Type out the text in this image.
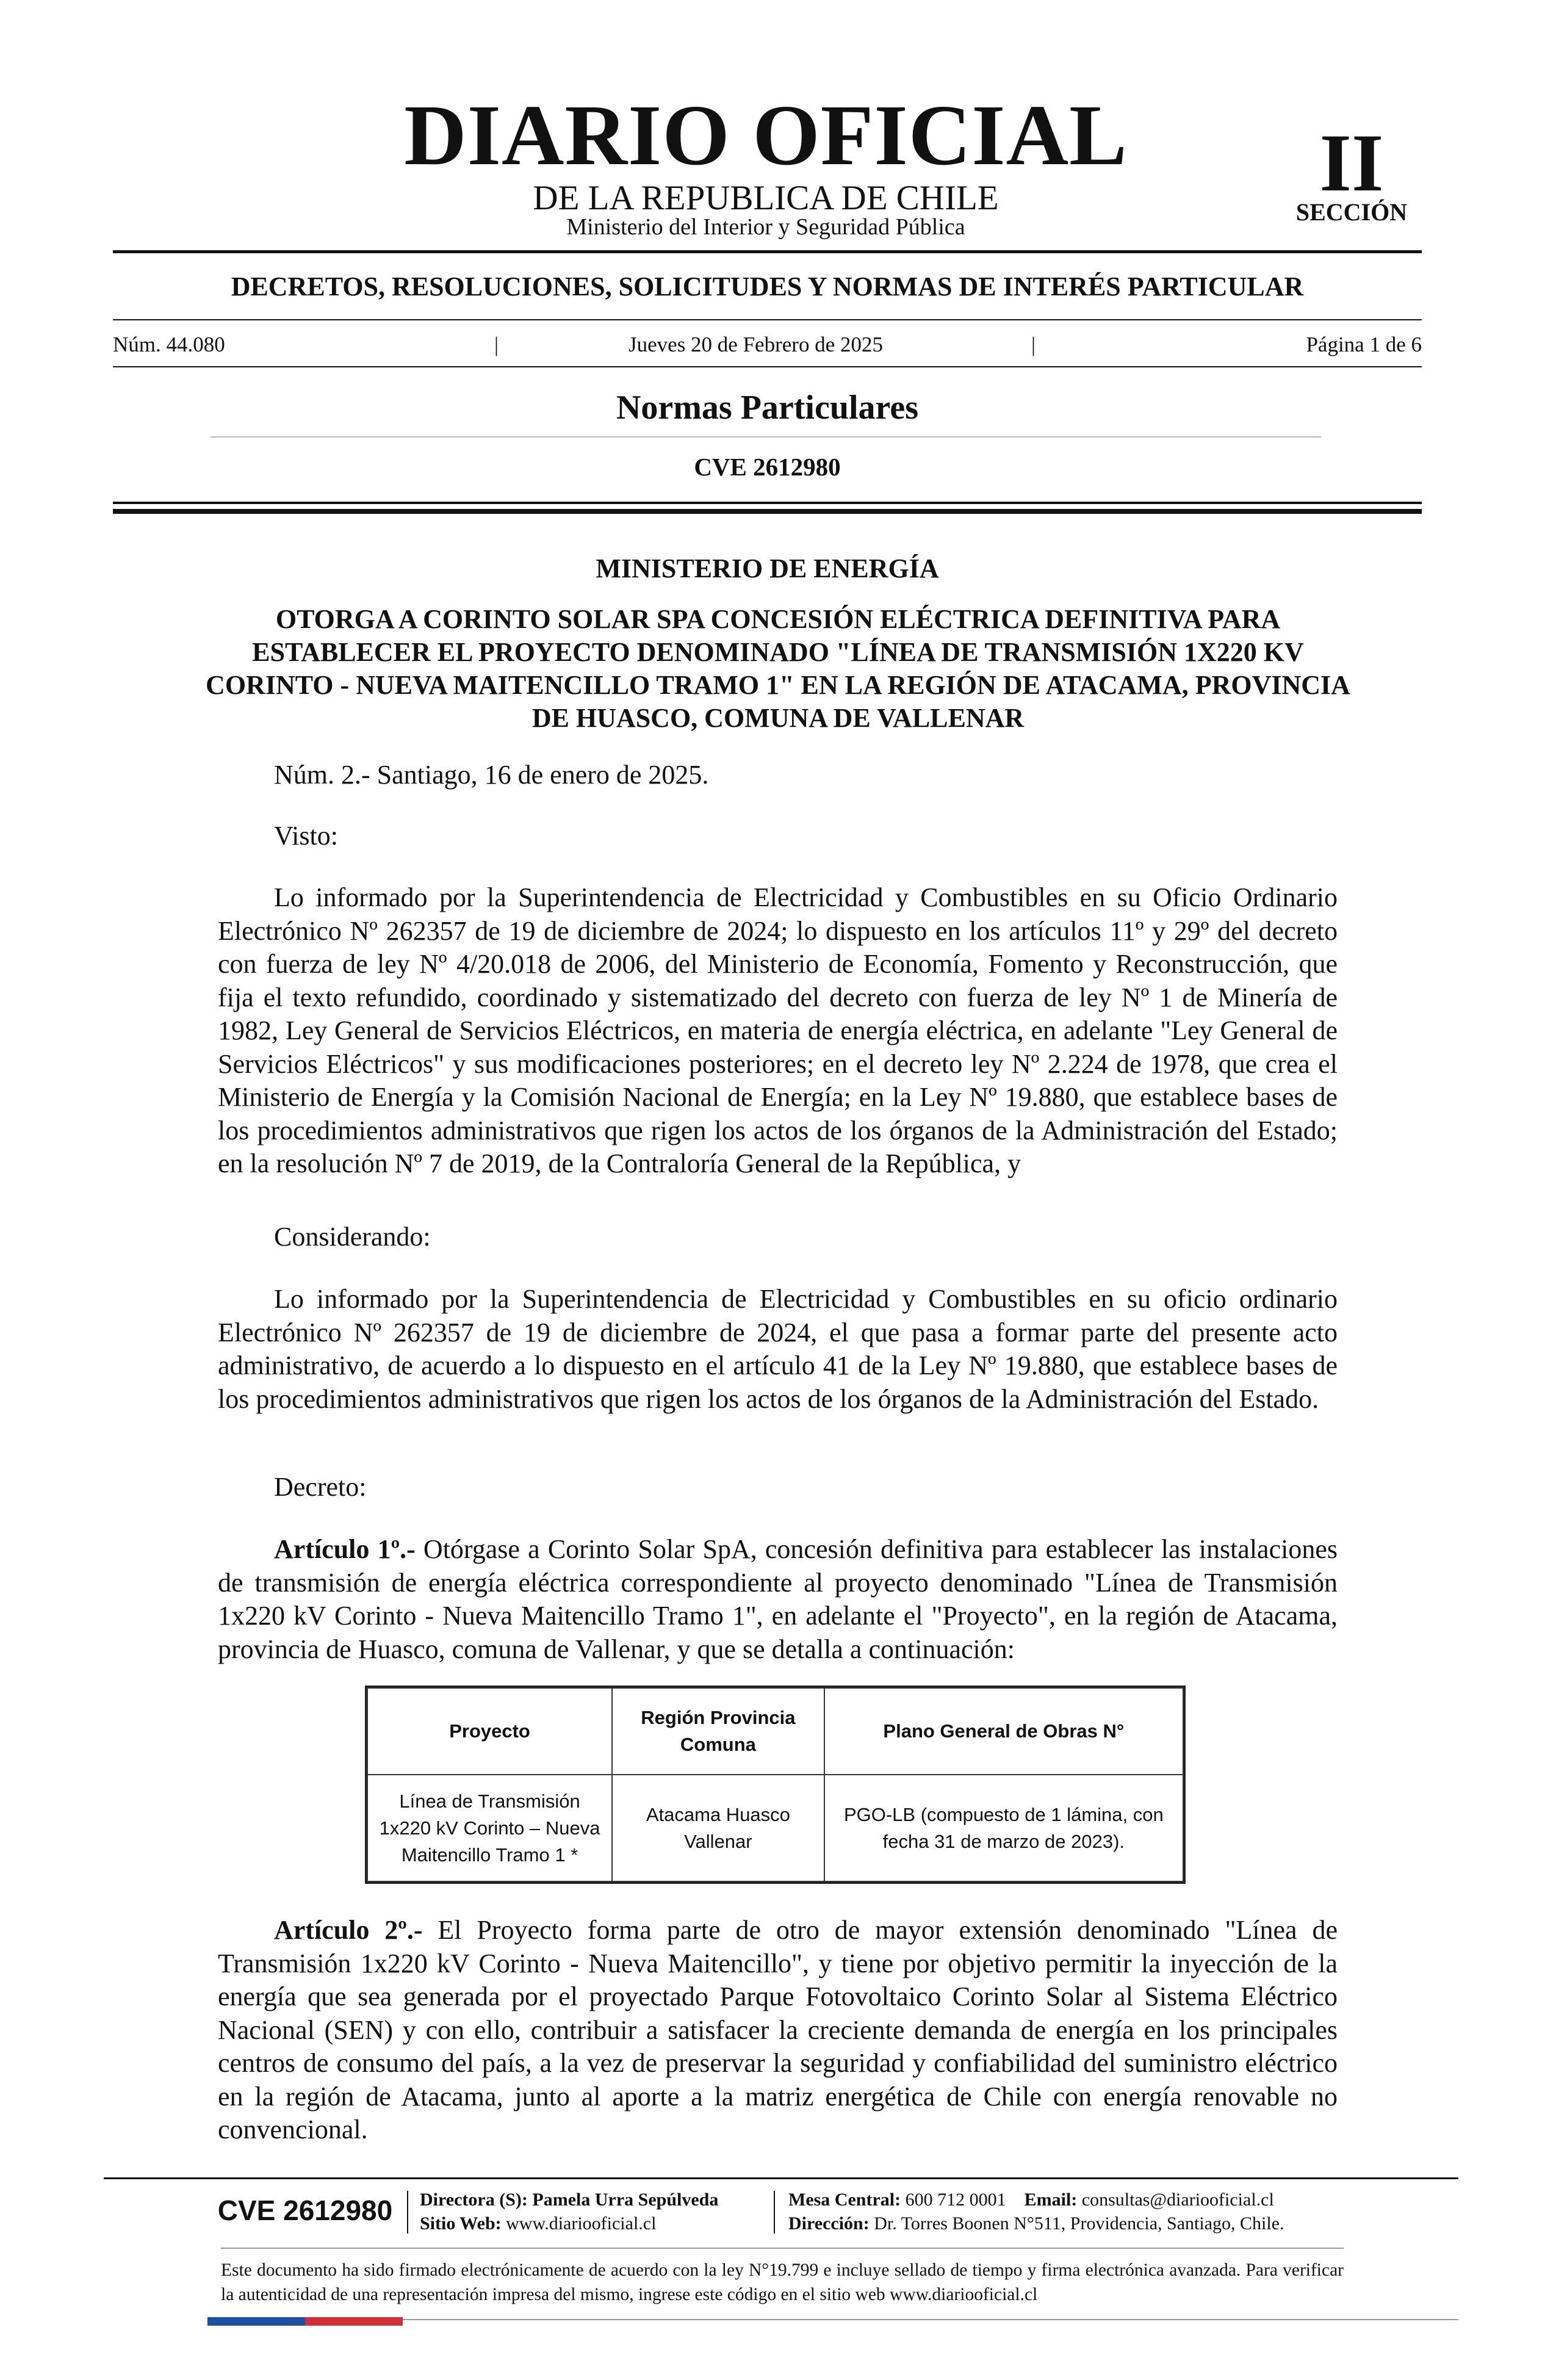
DIARIO OFICIAL
DE LA REPUBLICA DE CHILE
Ministerio del Interior y Seguridad Pública
II
SECCIÓN
DECRETOS, RESOLUCIONES, SOLICITUDES Y NORMAS DE INTERÉS PARTICULAR
Núm. 44.080	|	Jueves 20 de Febrero de 2025	|	Página 1 de 6
Normas Particulares
CVE 2612980
MINISTERIO DE ENERGÍA
OTORGA A CORINTO SOLAR SPA CONCESIÓN ELÉCTRICA DEFINITIVA PARA ESTABLECER EL PROYECTO DENOMINADO "LÍNEA DE TRANSMISIÓN 1X220 KV CORINTO - NUEVA MAITENCILLO TRAMO 1" EN LA REGIÓN DE ATACAMA, PROVINCIA DE HUASCO, COMUNA DE VALLENAR
Núm. 2.- Santiago, 16 de enero de 2025.
Visto:
Lo informado por la Superintendencia de Electricidad y Combustibles en su Oficio Ordinario Electrónico Nº 262357 de 19 de diciembre de 2024; lo dispuesto en los artículos 11º y 29º del decreto con fuerza de ley Nº 4/20.018 de 2006, del Ministerio de Economía, Fomento y Reconstrucción, que fija el texto refundido, coordinado y sistematizado del decreto con fuerza de ley Nº 1 de Minería de 1982, Ley General de Servicios Eléctricos, en materia de energía eléctrica, en adelante "Ley General de Servicios Eléctricos" y sus modificaciones posteriores; en el decreto ley Nº 2.224 de 1978, que crea el Ministerio de Energía y la Comisión Nacional de Energía; en la Ley Nº 19.880, que establece bases de los procedimientos administrativos que rigen los actos de los órganos de la Administración del Estado; en la resolución Nº 7 de 2019, de la Contraloría General de la República, y
Considerando:
Lo informado por la Superintendencia de Electricidad y Combustibles en su oficio ordinario Electrónico Nº 262357 de 19 de diciembre de 2024, el que pasa a formar parte del presente acto administrativo, de acuerdo a lo dispuesto en el artículo 41 de la Ley Nº 19.880, que establece bases de los procedimientos administrativos que rigen los actos de los órganos de la Administración del Estado.
Decreto:
Artículo 1º.- Otórgase a Corinto Solar SpA, concesión definitiva para establecer las instalaciones de transmisión de energía eléctrica correspondiente al proyecto denominado "Línea de Transmisión 1x220 kV Corinto - Nueva Maitencillo Tramo 1", en adelante el "Proyecto", en la región de Atacama, provincia de Huasco, comuna de Vallenar, y que se detalla a continuación:
Proyecto	Región Provincia Comuna	Plano General de Obras N°
Línea de Transmisión 1x220 kV Corinto – Nueva Maitencillo Tramo 1 *	Atacama Huasco Vallenar	PGO-LB (compuesto de 1 lámina, con fecha 31 de marzo de 2023).
Artículo 2º.- El Proyecto forma parte de otro de mayor extensión denominado "Línea de Transmisión 1x220 kV Corinto - Nueva Maitencillo", y tiene por objetivo permitir la inyección de la energía que sea generada por el proyectado Parque Fotovoltaico Corinto Solar al Sistema Eléctrico Nacional (SEN) y con ello, contribuir a satisfacer la creciente demanda de energía en los principales centros de consumo del país, a la vez de preservar la seguridad y confiabilidad del suministro eléctrico en la región de Atacama, junto al aporte a la matriz energética de Chile con energía renovable no convencional.
CVE 2612980	Directora (S): Pamela Urra Sepúlveda
Sitio Web: www.diariooficial.cl
Mesa Central: 600 712 0001 Email: consultas@diariooficial.cl
Dirección: Dr. Torres Boonen N°511, Providencia, Santiago, Chile.
Este documento ha sido firmado electrónicamente de acuerdo con la ley N°19.799 e incluye sellado de tiempo y firma electrónica avanzada. Para verificar la autenticidad de una representación impresa del mismo, ingrese este código en el sitio web www.diariooficial.cl
